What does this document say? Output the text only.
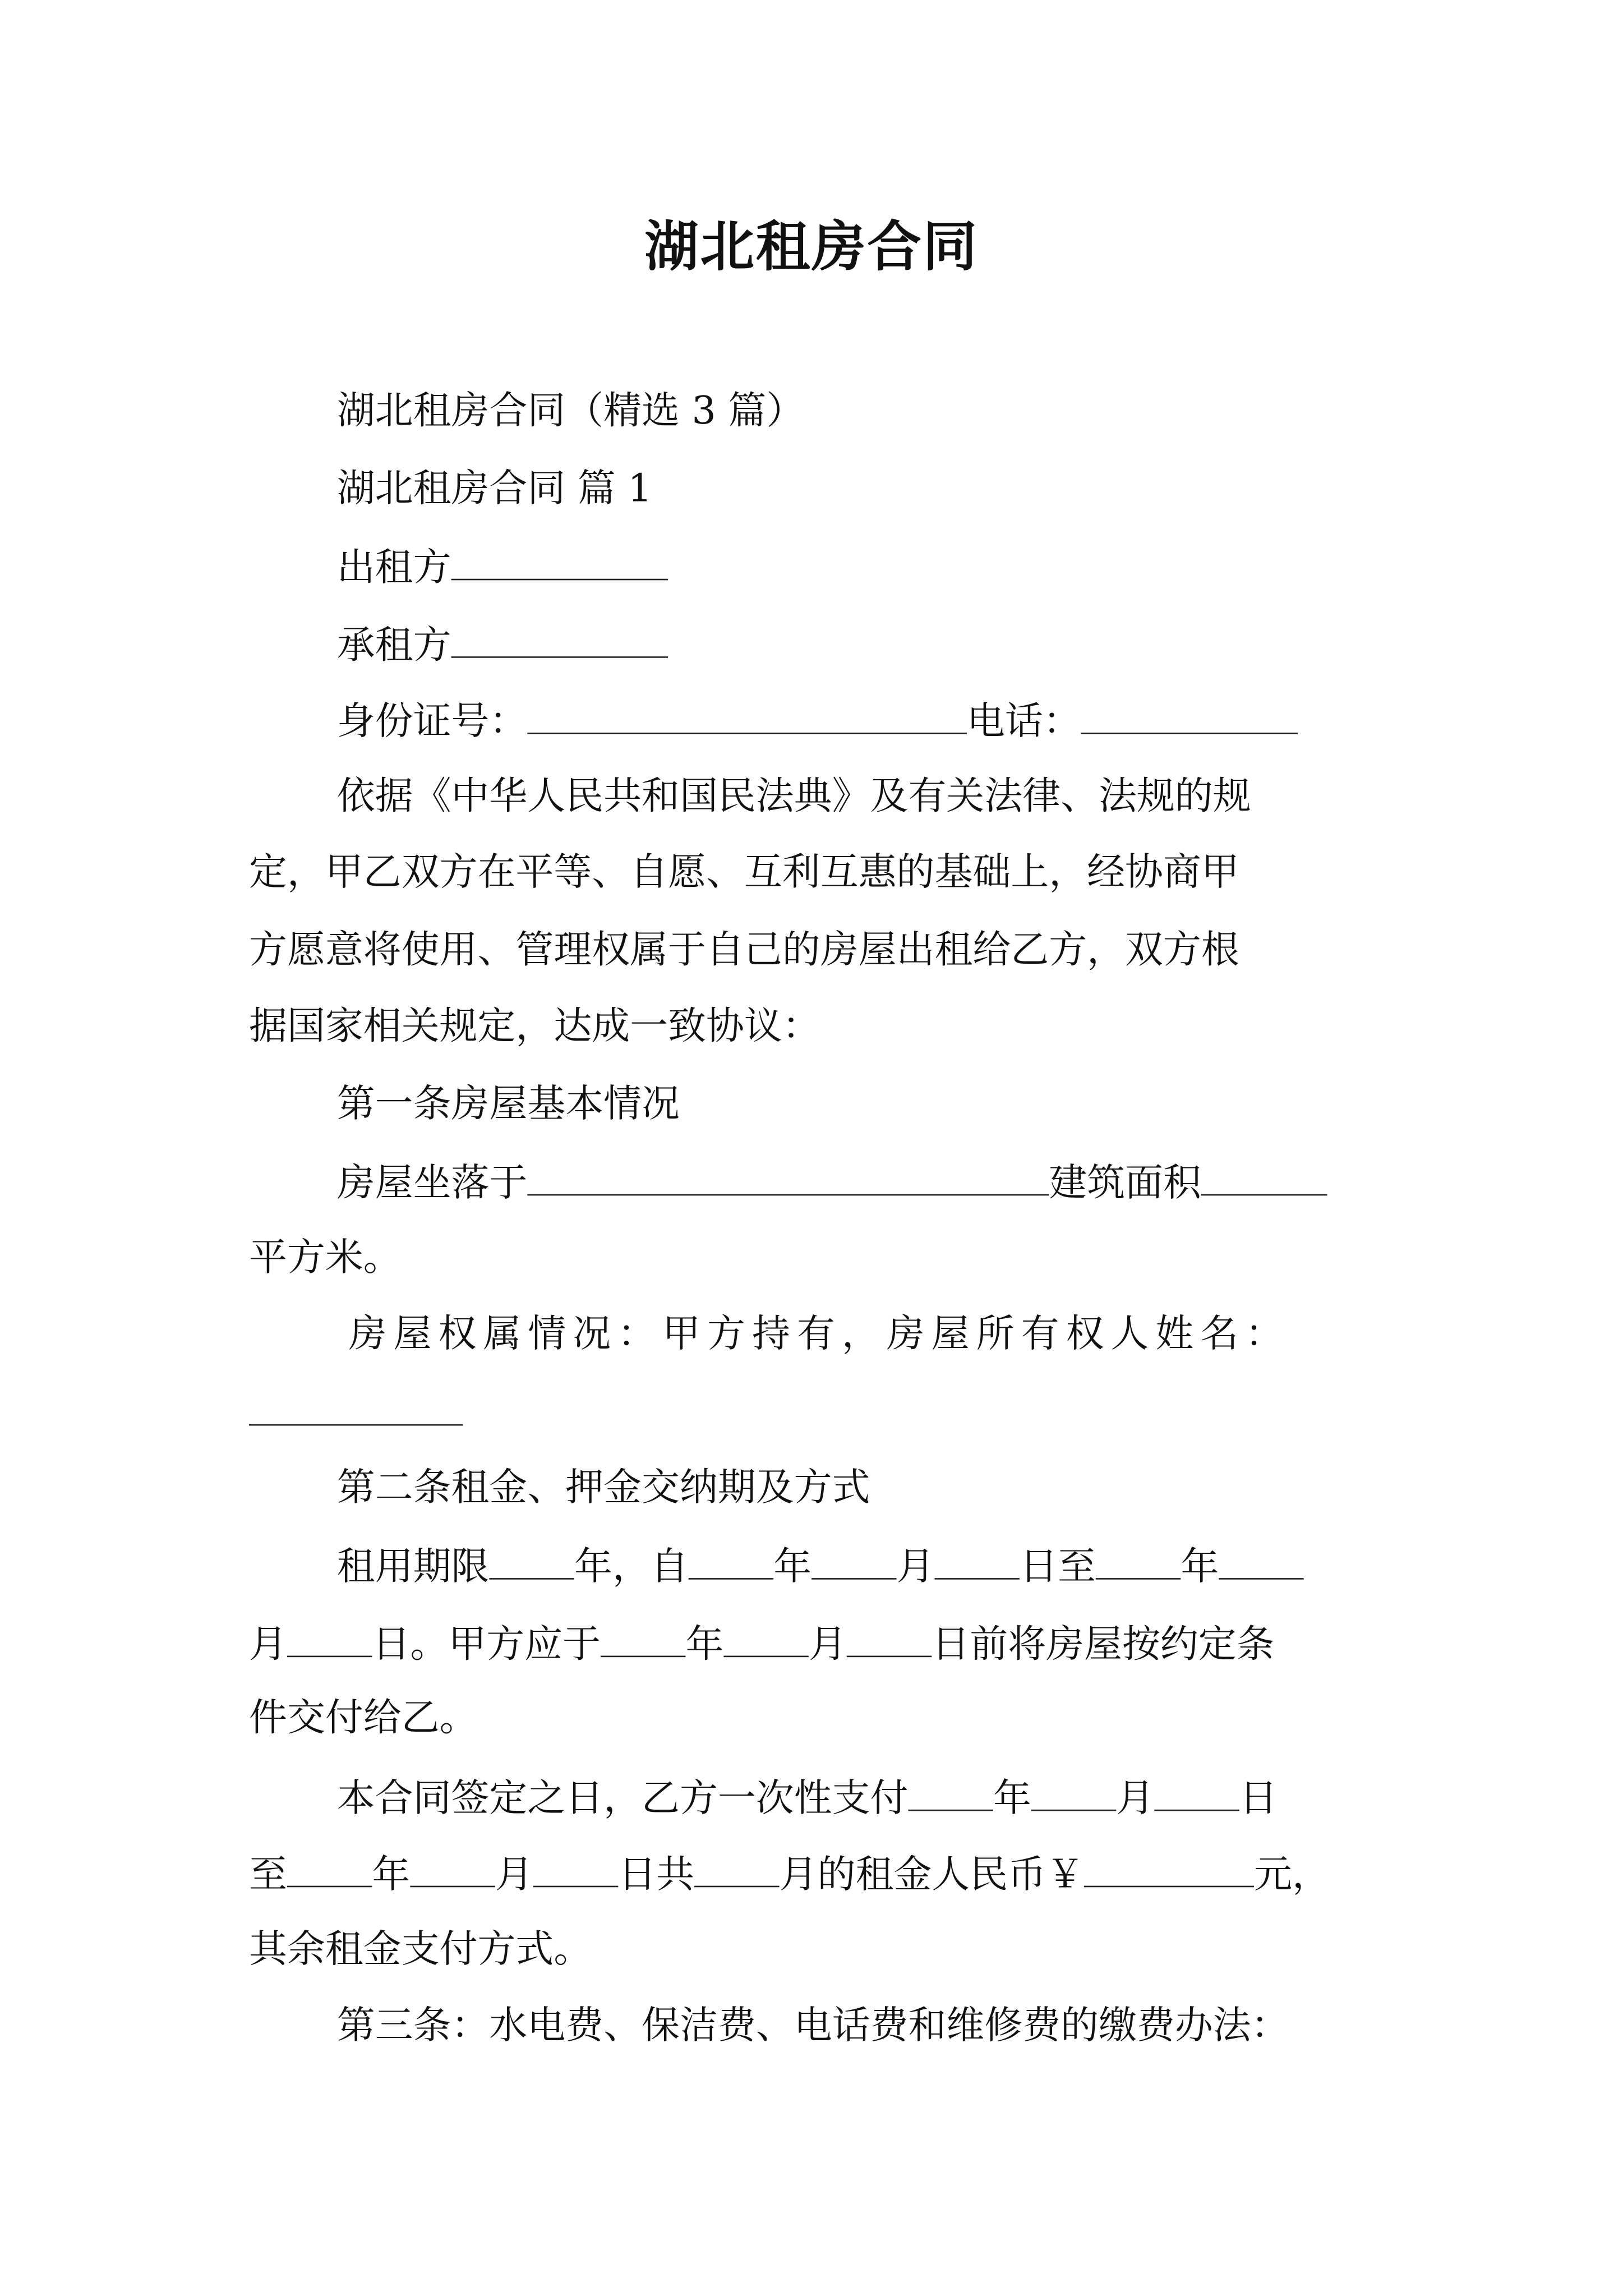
湖北租房合同
湖北租房合同（精选 3 篇）
湖北租房合同 篇 1
出租方
承租方
身份证号：	电话：
依据《中华人民共和国民法典》及有关法律、法规的规
定，甲乙双方在平等、自愿、互利互惠的基础上，经协商甲
方愿意将使用、管理权属于自己的房屋出租给乙方，双方根
据国家相关规定，达成一致协议：
第一条房屋基本情况
房屋坐落于	建筑面积
平方米。
房屋权属情况：甲方持有，房屋所有权人姓名：
第二条租金、押金交纳期及方式
租用期限	年，自	年	月	日至	年
月	日。甲方应于	年	月	日前将房屋按约定条
件交付给乙。
本合同签定之日，乙方一次性支付	年	月	日
至	年	月	日共	月的租金人民币￥	元，
其余租金支付方式。
第三条：水电费、保洁费、电话费和维修费的缴费办法：
